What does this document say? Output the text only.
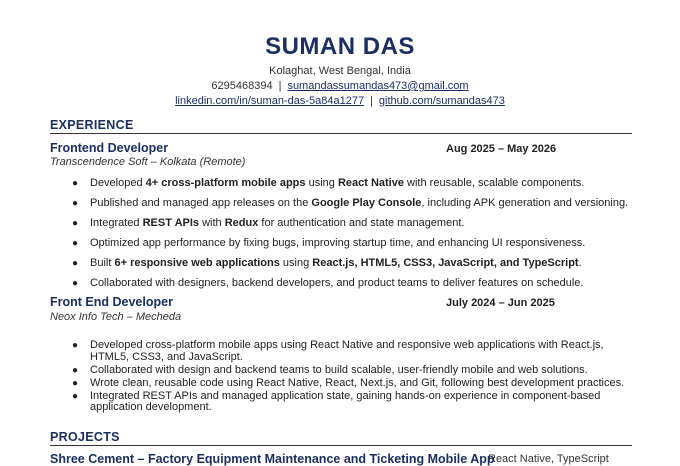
SUMAN DAS
Kolaghat, West Bengal, India
6295468394 | sumandassumandas473@gmail.com
linkedin.com/in/suman-das-5a84a1277 | github.com/sumandas473
EXPERIENCE
Frontend Developer	Aug 2025 – May 2026
Transcendence Soft – Kolkata (Remote)
● Developed 4+ cross-platform mobile apps using React Native with reusable, scalable components.
● Published and managed app releases on the Google Play Console, including APK generation and versioning.
● Integrated REST APIs with Redux for authentication and state management.
● Optimized app performance by fixing bugs, improving startup time, and enhancing UI responsiveness.
● Built 6+ responsive web applications using React.js, HTML5, CSS3, JavaScript, and TypeScript.
● Collaborated with designers, backend developers, and product teams to deliver features on schedule.
Front End Developer	July 2024 – Jun 2025
Neox Info Tech – Mecheda
● Developed cross-platform mobile apps using React Native and responsive web applications with React.js, HTML5, CSS3, and JavaScript.
● Collaborated with design and backend teams to build scalable, user-friendly mobile and web solutions.
● Wrote clean, reusable code using React Native, React, Next.js, and Git, following best development practices.
● Integrated REST APIs and managed application state, gaining hands-on experience in component-based application development.
PROJECTS
Shree Cement – Factory Equipment Maintenance and Ticketing Mobile App
React Native, TypeScript
